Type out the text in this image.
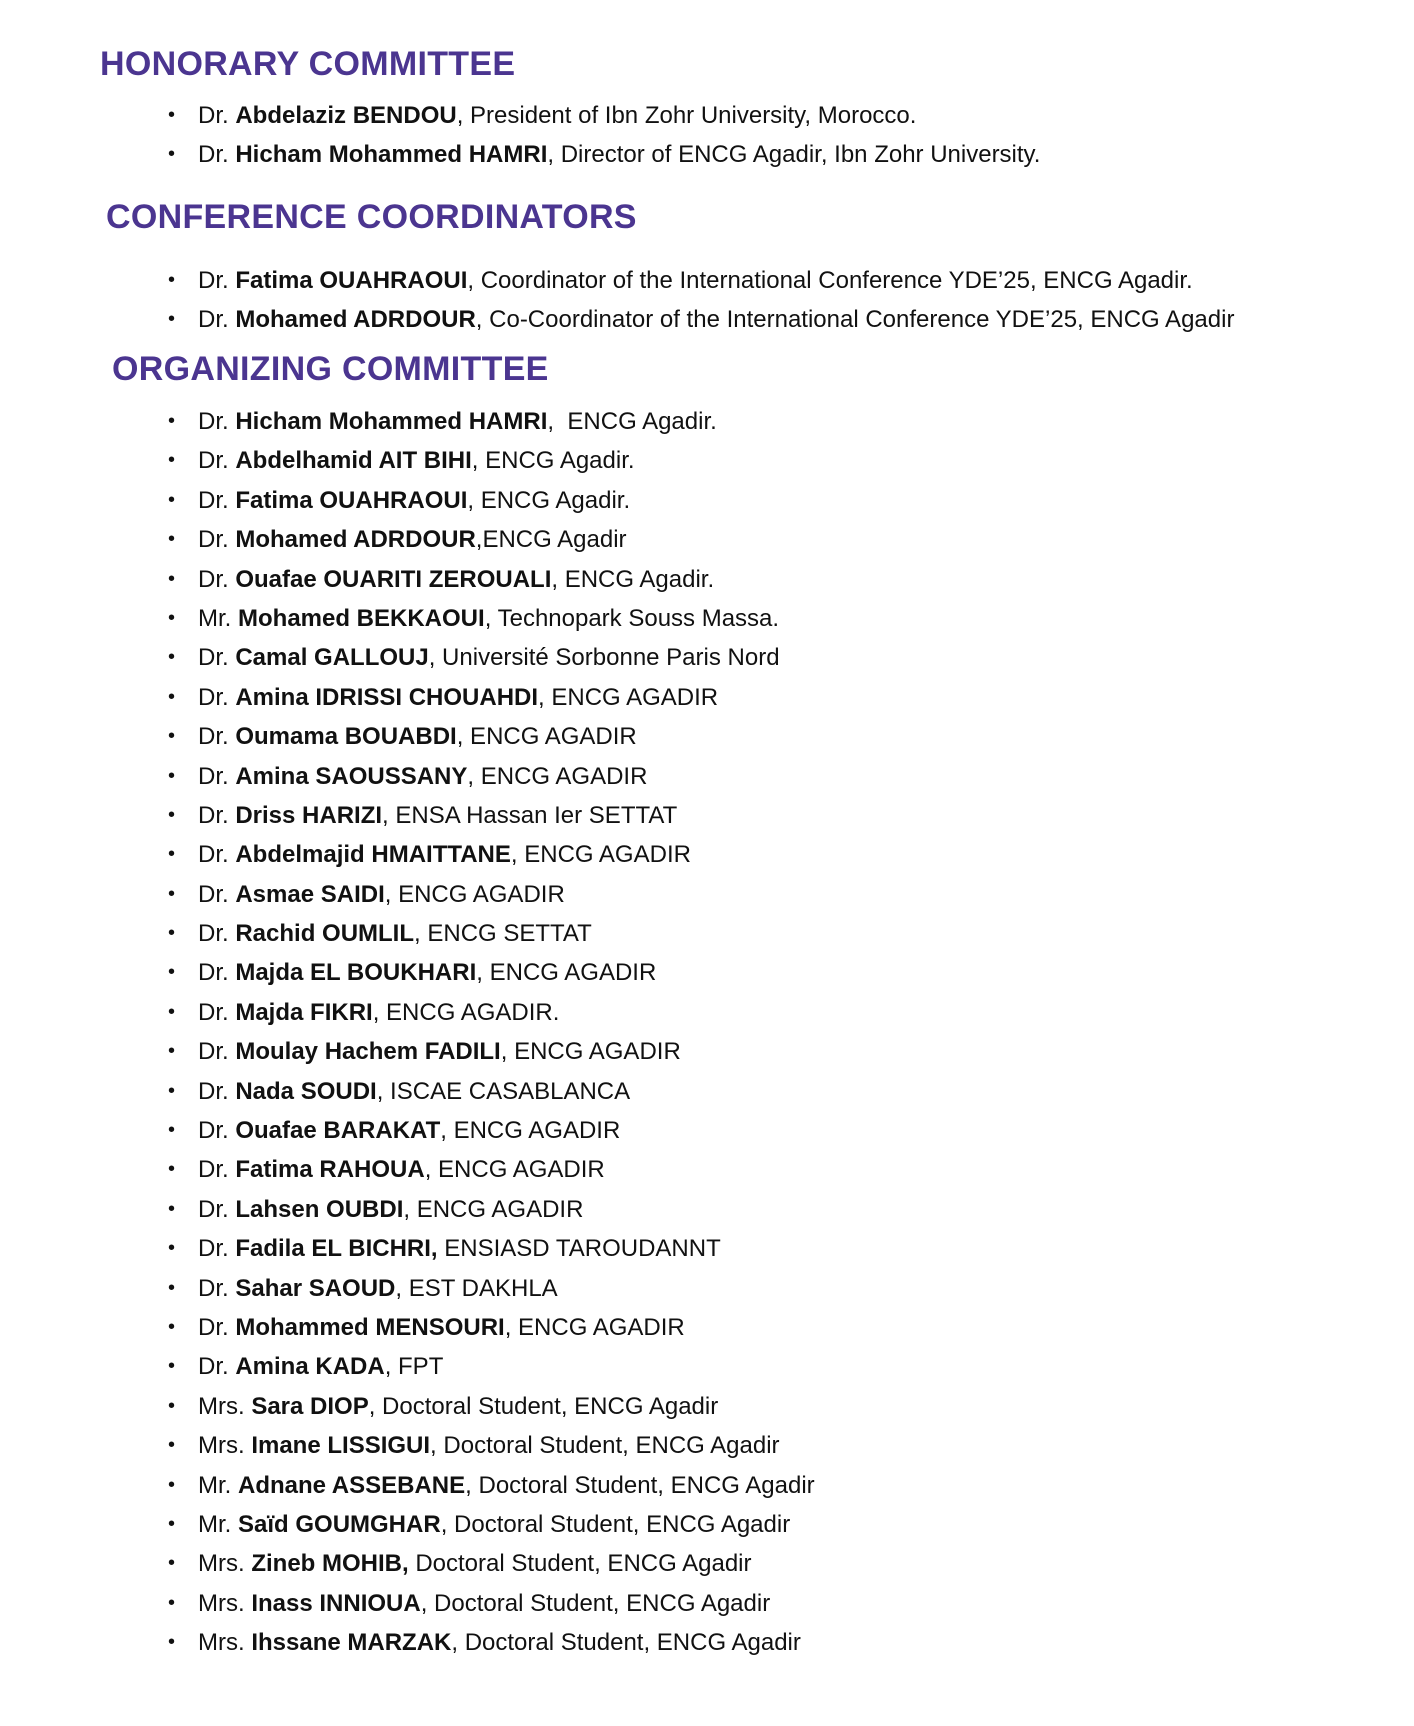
HONORARY COMMITTEE
• Dr. Abdelaziz BENDOU, President of Ibn Zohr University, Morocco.
• Dr. Hicham Mohammed HAMRI, Director of ENCG Agadir, Ibn Zohr University.
CONFERENCE COORDINATORS
• Dr. Fatima OUAHRAOUI, Coordinator of the International Conference YDE’25, ENCG Agadir.
• Dr. Mohamed ADRDOUR, Co-Coordinator of the International Conference YDE’25, ENCG Agadir
ORGANIZING COMMITTEE
• Dr. Hicham Mohammed HAMRI,  ENCG Agadir.
• Dr. Abdelhamid AIT BIHI, ENCG Agadir.
• Dr. Fatima OUAHRAOUI, ENCG Agadir.
• Dr. Mohamed ADRDOUR,ENCG Agadir
• Dr. Ouafae OUARITI ZEROUALI, ENCG Agadir.
• Mr. Mohamed BEKKAOUI, Technopark Souss Massa.
• Dr. Camal GALLOUJ, Université Sorbonne Paris Nord
• Dr. Amina IDRISSI CHOUAHDI, ENCG AGADIR
• Dr. Oumama BOUABDI, ENCG AGADIR
• Dr. Amina SAOUSSANY, ENCG AGADIR
• Dr. Driss HARIZI, ENSA Hassan Ier SETTAT
• Dr. Abdelmajid HMAITTANE, ENCG AGADIR
• Dr. Asmae SAIDI, ENCG AGADIR
• Dr. Rachid OUMLIL, ENCG SETTAT
• Dr. Majda EL BOUKHARI, ENCG AGADIR
• Dr. Majda FIKRI, ENCG AGADIR.
• Dr. Moulay Hachem FADILI, ENCG AGADIR
• Dr. Nada SOUDI, ISCAE CASABLANCA
• Dr. Ouafae BARAKAT, ENCG AGADIR
• Dr. Fatima RAHOUA, ENCG AGADIR
• Dr. Lahsen OUBDI, ENCG AGADIR
• Dr. Fadila EL BICHRI, ENSIASD TAROUDANNT
• Dr. Sahar SAOUD, EST DAKHLA
• Dr. Mohammed MENSOURI, ENCG AGADIR
• Dr. Amina KADA, FPT
• Mrs. Sara DIOP, Doctoral Student, ENCG Agadir
• Mrs. Imane LISSIGUI, Doctoral Student, ENCG Agadir
• Mr. Adnane ASSEBANE, Doctoral Student, ENCG Agadir
• Mr. Saïd GOUMGHAR, Doctoral Student, ENCG Agadir
• Mrs. Zineb MOHIB, Doctoral Student, ENCG Agadir
• Mrs. Inass INNIOUA, Doctoral Student, ENCG Agadir
• Mrs. Ihssane MARZAK, Doctoral Student, ENCG Agadir
